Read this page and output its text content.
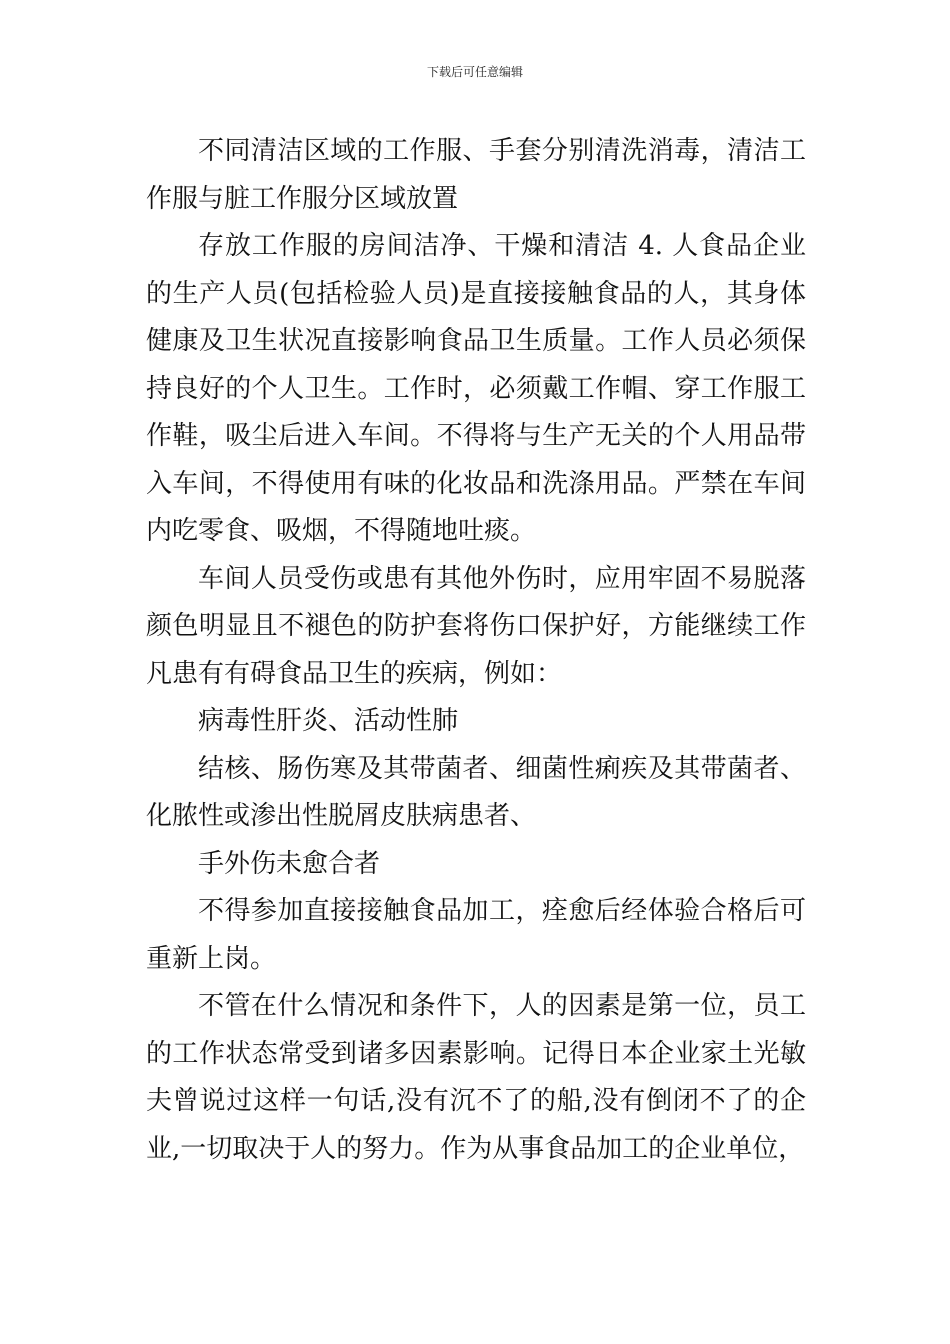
下载后可任意编辑

不同清洁区域的工作服、手套分别清洗消毒，清洁工作服与脏工作服分区域放置

存放工作服的房间洁净、干燥和清洁 4. 人食品企业的生产人员(包括检验人员)是直接接触食品的人，其身体健康及卫生状况直接影响食品卫生质量。工作人员必须保持良好的个人卫生。工作时，必须戴工作帽、穿工作服工作鞋，吸尘后进入车间。不得将与生产无关的个人用品带入车间，不得使用有味的化妆品和洗涤用品。严禁在车间内吃零食、吸烟，不得随地吐痰。

车间人员受伤或患有其他外伤时，应用牢固不易脱落颜色明显且不褪色的防护套将伤口保护好，方能继续工作凡患有有碍食品卫生的疾病，例如：

病毒性肝炎、活动性肺

结核、肠伤寒及其带菌者、细菌性痢疾及其带菌者、化脓性或渗出性脱屑皮肤病患者、

手外伤未愈合者

不得参加直接接触食品加工，痊愈后经体验合格后可重新上岗。

不管在什么情况和条件下，人的因素是第一位，员工的工作状态常受到诸多因素影响。记得日本企业家土光敏夫曾说过这样一句话,没有沉不了的船,没有倒闭不了的企业,一切取决于人的努力。作为从事食品加工的企业单位，
